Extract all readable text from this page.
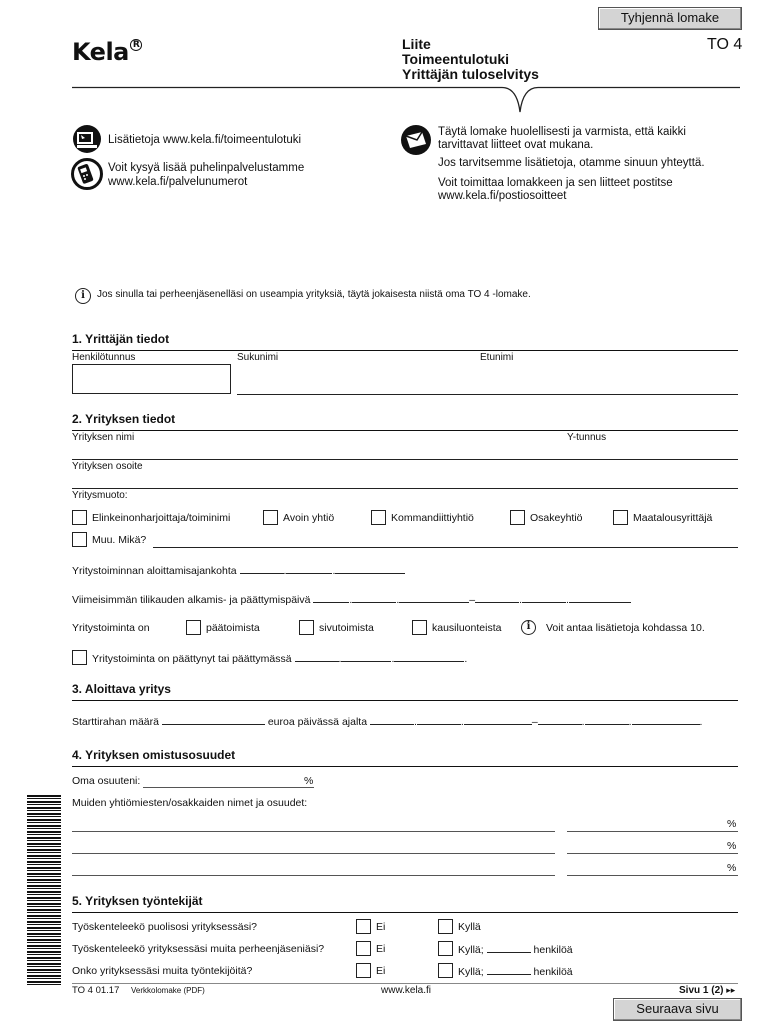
Tyhjennä lomake
Kela $^R$	Liite
Toimeentulotuki
Yrittäjän tuloselvitys
TO 4
Lisätietoja www.kela.fi/toimeentulotuki
Voit kysyä lisää puhelinpalvelustamme
www.kela.fi/palvelunumerot
Täytä lomake huolellisesti ja varmista, että kaikki
tarvittavat liitteet ovat mukana.
Jos tarvitsemme lisätietoja, otamme sinuun yhteyttä.
Voit toimittaa lomakkeen ja sen liitteet postitse
www.kela.fi/postiosoitteet
i	Jos sinulla tai perheenjäsenelläsi on useampia yrityksiä, täytä jokaisesta niistä oma TO 4 -lomake.
1. Yrittäjän tiedot
Henkilötunnus	Sukunimi	Etunimi
2. Yrityksen tiedot
Yrityksen nimi	Y-tunnus
Yrityksen osoite
Yritysmuoto:
Elinkeinonharjoittaja/toiminimi	Avoin yhtiö	Kommandiittiyhtiö	Osakeyhtiö	Maatalousyrittäjä
Muu. Mikä?
Yritystoiminnan aloittamisajankohta	.	.
Viimeisimmän tilikauden alkamis- ja päättymispäivä	.	.	–	.	.
Yritystoiminta on	päätoimista	sivutoimista	kausiluonteista	i	Voit antaa lisätietoja kohdassa 10.
Yritystoiminta on päättynyt tai päättymässä	.	.	.
3. Aloittava yritys
Starttirahan määrä	euroa päivässä ajalta	.	.	–	.	.	.
4. Yrityksen omistusosuudet
Oma osuuteni:	%
Muiden yhtiömiesten/osakkaiden nimet ja osuudet:
%
%
%
5. Yrityksen työntekijät
Työskenteleekö puolisosi yrityksessäsi?	Ei	Kyllä
Työskenteleekö yrityksessäsi muita perheenjäseniäsi?	Ei	Kyllä;	henkilöä
Onko yrityksessäsi muita työntekijöitä?	Ei	Kyllä;	henkilöä
TO 4 01.17 Verkkolomake (PDF)	www.kela.fi	Sivu 1 (2) ▸▸
Seuraava sivu
